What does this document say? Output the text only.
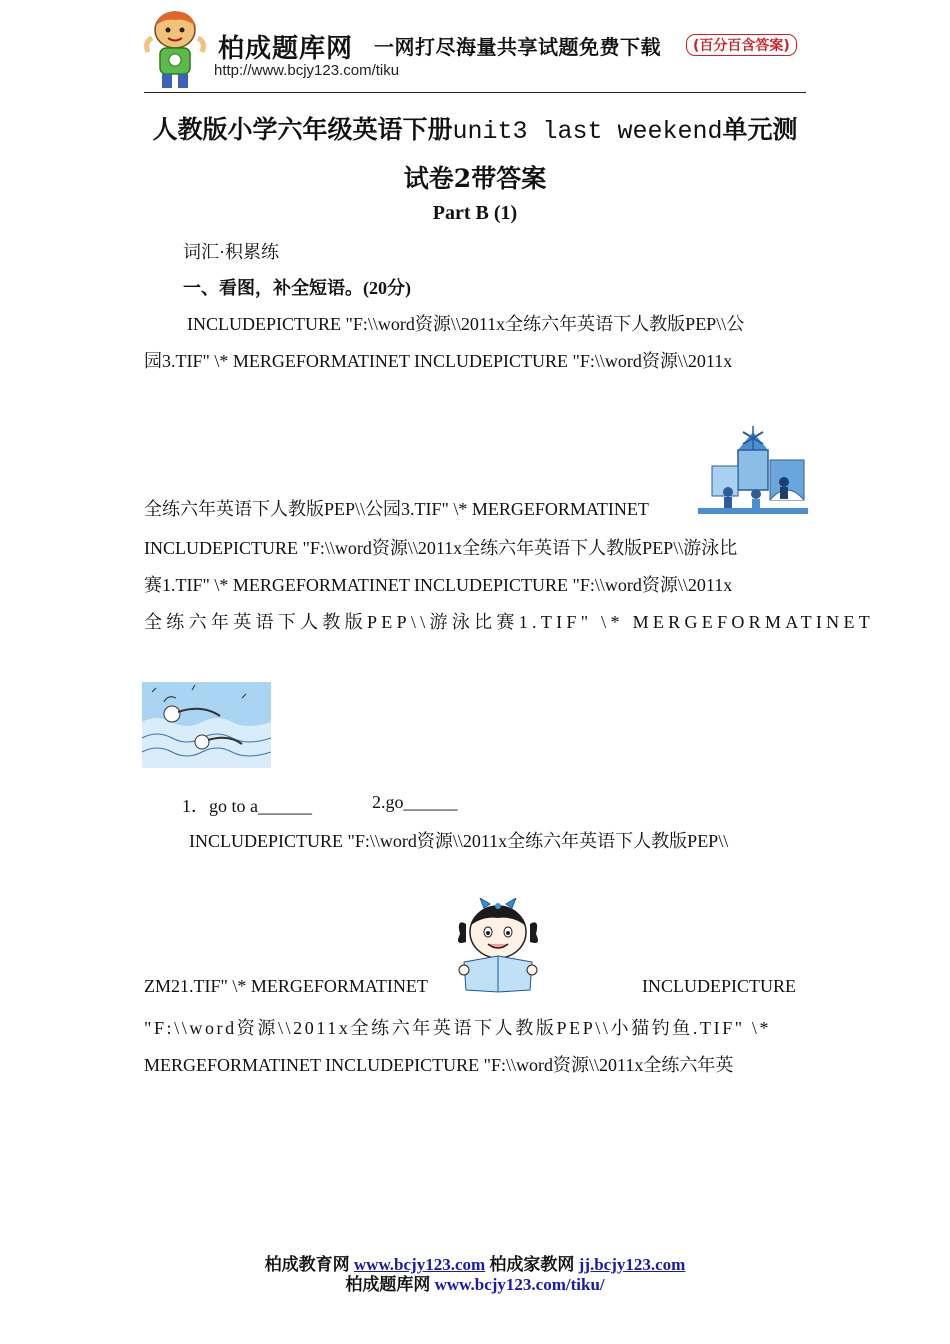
柏成题库网 一网打尽海量共享试题免费下载	(百分百含答案)
http://www.bcjy123.com/tiku
人教版小学六年级英语下册unit3 last weekend单元测
试卷2带答案
Part B (1)
词汇·积累练
一、看图，补全短语。(20分)
INCLUDEPICTURE "F:\\word资源\\2011x全练六年英语下人教版PEP\\公
园3.TIF" \* MERGEFORMATINET INCLUDEPICTURE "F:\\word资源\\2011x
全练六年英语下人教版PEP\\公园3.TIF" \* MERGEFORMATINET
INCLUDEPICTURE "F:\\word资源\\2011x全练六年英语下人教版PEP\\游泳比
赛1.TIF" \* MERGEFORMATINET INCLUDEPICTURE "F:\\word资源\\2011x
全练六年英语下人教版PEP\\游泳比赛1.TIF" \* MERGEFORMATINET
1．go to a______	2.go______
INCLUDEPICTURE "F:\\word资源\\2011x全练六年英语下人教版PEP\\
ZM21.TIF" \* MERGEFORMATINET	INCLUDEPICTURE
"F:\\word资源\\2011x全练六年英语下人教版PEP\\小猫钓鱼.TIF" \*
MERGEFORMATINET INCLUDEPICTURE "F:\\word资源\\2011x全练六年英
柏成教育网 www.bcjy123.com 柏成家教网 jj.bcjy123.com
柏成题库网 www.bcjy123.com/tiku/
